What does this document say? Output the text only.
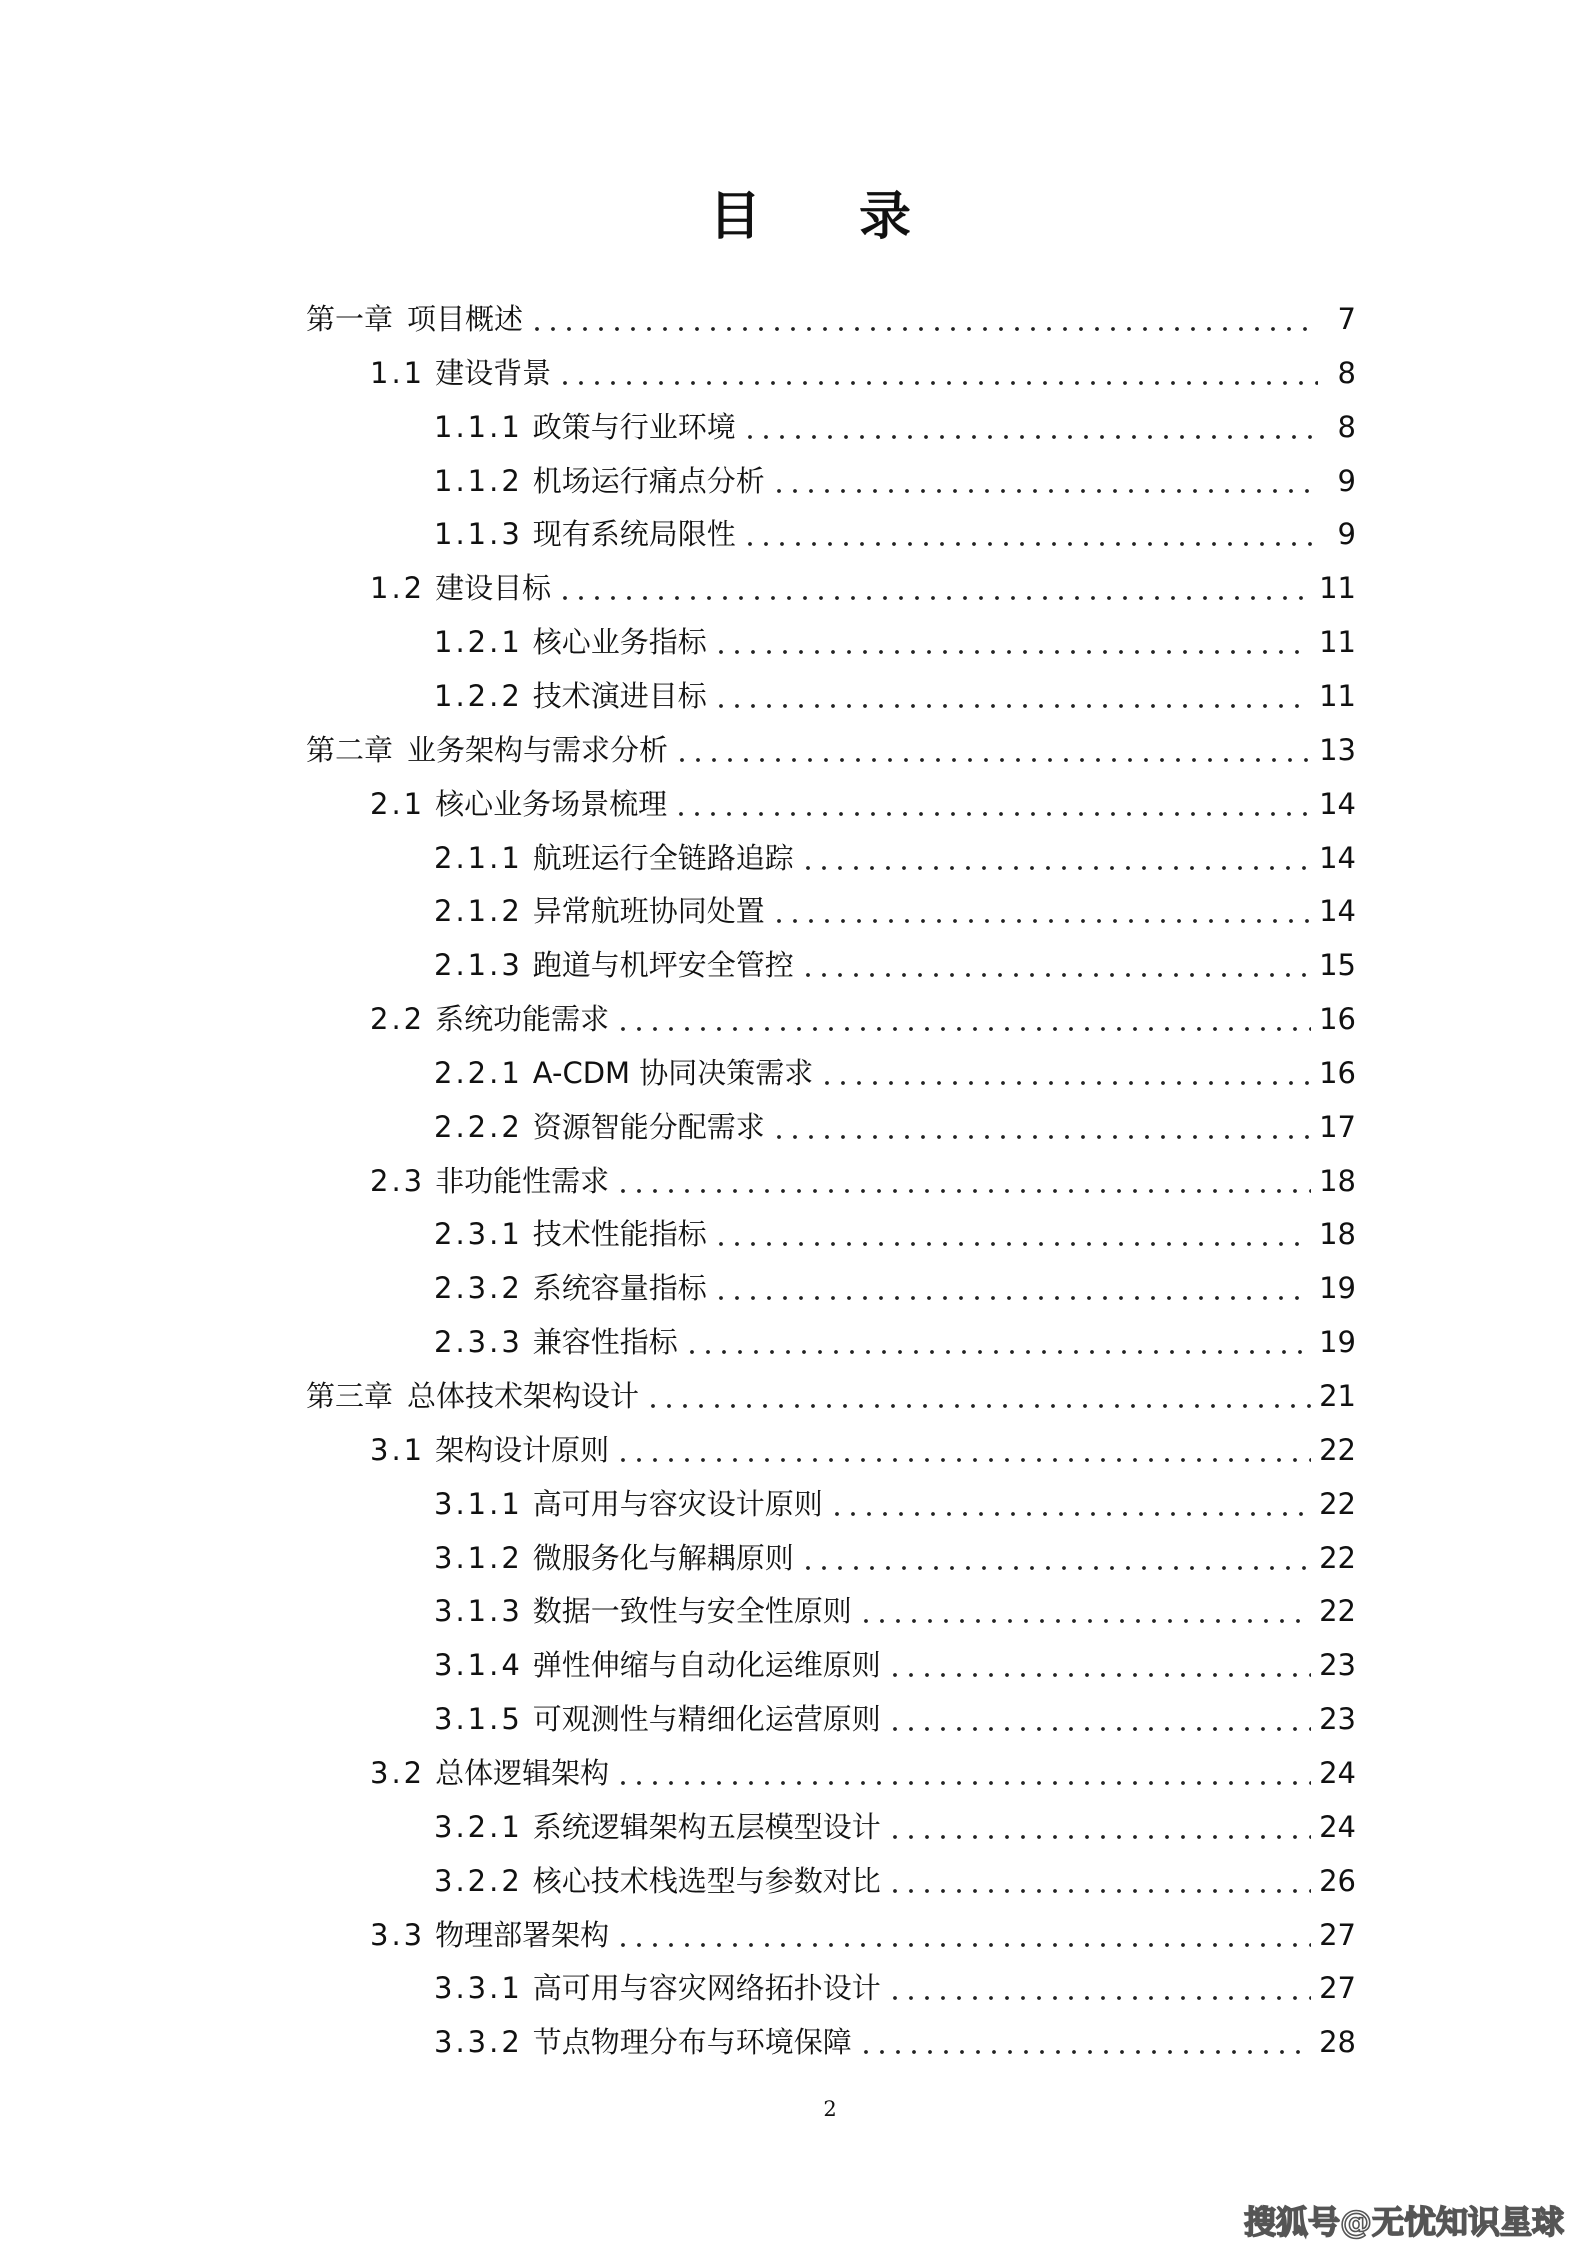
目 录
第一章 项目概述	7
1.1 建设背景	8
1.1.1 政策与行业环境	8
1.1.2 机场运行痛点分析	9
1.1.3 现有系统局限性	9
1.2 建设目标	11
1.2.1 核心业务指标	11
1.2.2 技术演进目标	11
第二章 业务架构与需求分析	13
2.1 核心业务场景梳理	14
2.1.1 航班运行全链路追踪	14
2.1.2 异常航班协同处置	14
2.1.3 跑道与机坪安全管控	15
2.2 系统功能需求	16
2.2.1 A-CDM 协同决策需求	16
2.2.2 资源智能分配需求	17
2.3 非功能性需求	18
2.3.1 技术性能指标	18
2.3.2 系统容量指标	19
2.3.3 兼容性指标	19
第三章 总体技术架构设计	21
3.1 架构设计原则	22
3.1.1 高可用与容灾设计原则	22
3.1.2 微服务化与解耦原则	22
3.1.3 数据一致性与安全性原则	22
3.1.4 弹性伸缩与自动化运维原则	23
3.1.5 可观测性与精细化运营原则	23
3.2 总体逻辑架构	24
3.2.1 系统逻辑架构五层模型设计	24
3.2.2 核心技术栈选型与参数对比	26
3.3 物理部署架构	27
3.3.1 高可用与容灾网络拓扑设计	27
3.3.2 节点物理分布与环境保障	28
2
搜狐号@无忧知识星球
